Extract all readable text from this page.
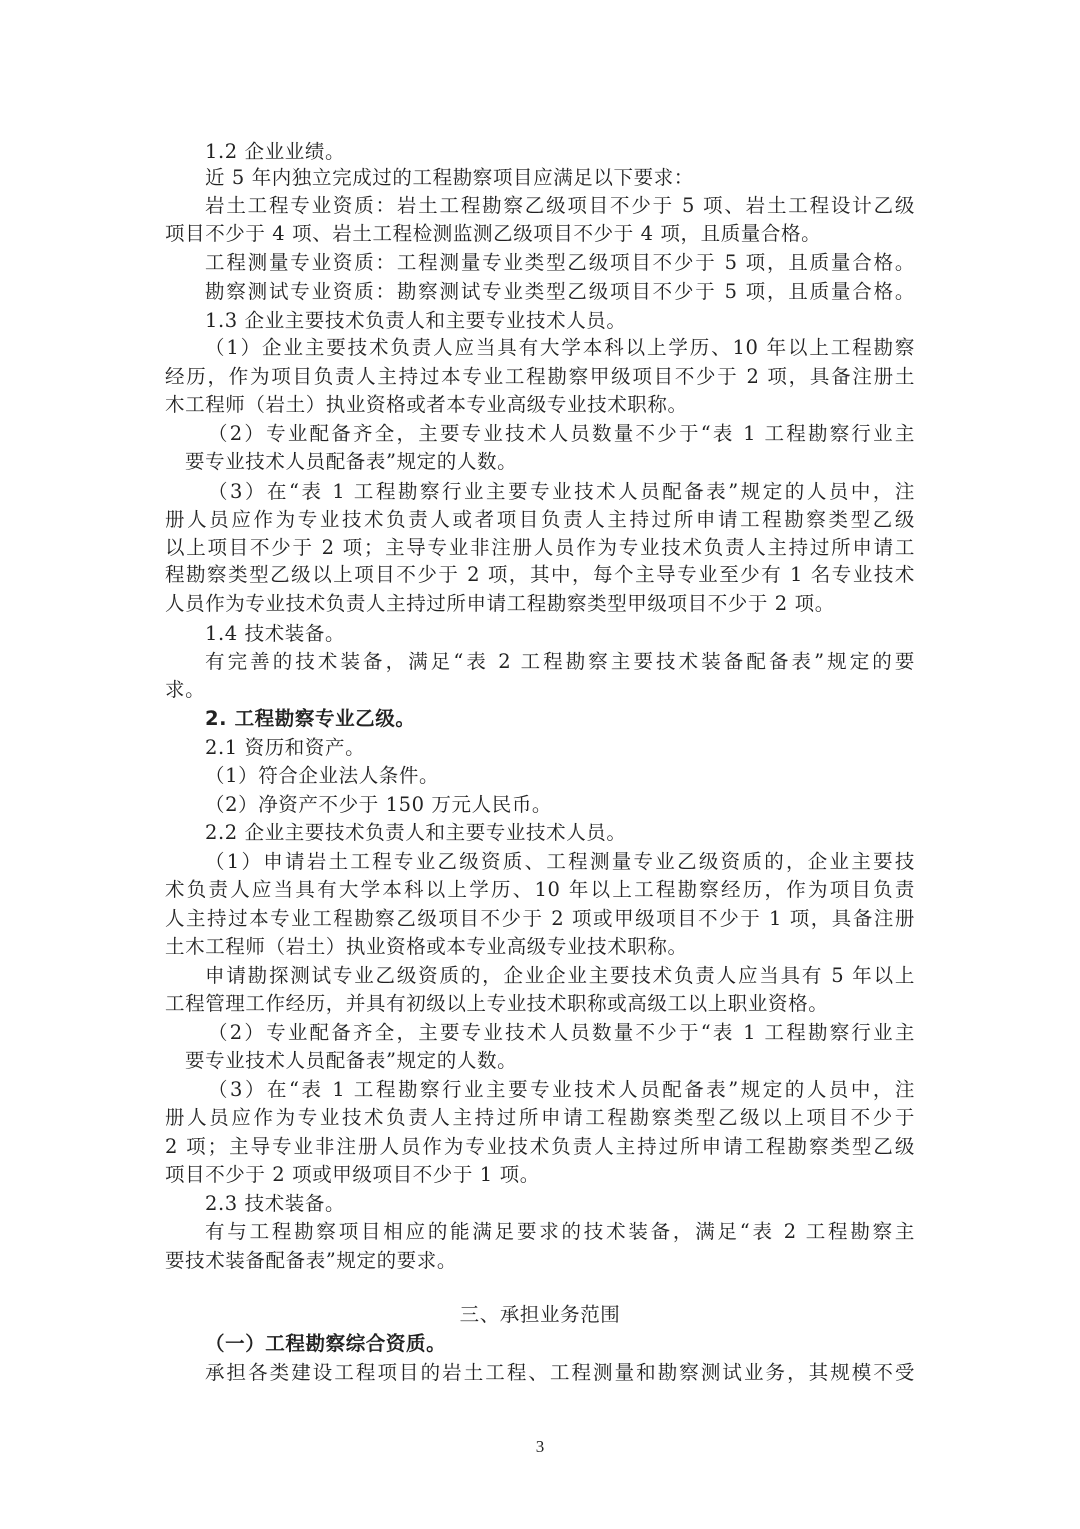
1.2 企业业绩。
近 5 年内独立完成过的工程勘察项目应满足以下要求：
岩土工程专业资质：岩土工程勘察乙级项目不少于 5 项、岩土工程设计乙级
项目不少于 4 项、岩土工程检测监测乙级项目不少于 4 项，且质量合格。
工程测量专业资质：工程测量专业类型乙级项目不少于 5 项，且质量合格。
勘察测试专业资质：勘察测试专业类型乙级项目不少于 5 项，且质量合格。
1.3 企业主要技术负责人和主要专业技术人员。
（1）企业主要技术负责人应当具有大学本科以上学历、10 年以上工程勘察
经历，作为项目负责人主持过本专业工程勘察甲级项目不少于 2 项，具备注册土
木工程师（岩土）执业资格或者本专业高级专业技术职称。
（2）专业配备齐全，主要专业技术人员数量不少于“表 1 工程勘察行业主
要专业技术人员配备表”规定的人数。
（3）在“表 1 工程勘察行业主要专业技术人员配备表”规定的人员中，注
册人员应作为专业技术负责人或者项目负责人主持过所申请工程勘察类型乙级
以上项目不少于 2 项；主导专业非注册人员作为专业技术负责人主持过所申请工
程勘察类型乙级以上项目不少于 2 项，其中，每个主导专业至少有 1 名专业技术
人员作为专业技术负责人主持过所申请工程勘察类型甲级项目不少于 2 项。
1.4 技术装备。
有完善的技术装备，满足“表 2 工程勘察主要技术装备配备表”规定的要
求。
2. 工程勘察专业乙级。
2.1 资历和资产。
（1）符合企业法人条件。
（2）净资产不少于 150 万元人民币。
2.2 企业主要技术负责人和主要专业技术人员。
（1）申请岩土工程专业乙级资质、工程测量专业乙级资质的，企业主要技
术负责人应当具有大学本科以上学历、10 年以上工程勘察经历，作为项目负责
人主持过本专业工程勘察乙级项目不少于 2 项或甲级项目不少于 1 项，具备注册
土木工程师（岩土）执业资格或本专业高级专业技术职称。
申请勘探测试专业乙级资质的，企业企业主要技术负责人应当具有 5 年以上
工程管理工作经历，并具有初级以上专业技术职称或高级工以上职业资格。
（2）专业配备齐全，主要专业技术人员数量不少于“表 1 工程勘察行业主
要专业技术人员配备表”规定的人数。
（3）在“表 1 工程勘察行业主要专业技术人员配备表”规定的人员中，注
册人员应作为专业技术负责人主持过所申请工程勘察类型乙级以上项目不少于
2 项；主导专业非注册人员作为专业技术负责人主持过所申请工程勘察类型乙级
项目不少于 2 项或甲级项目不少于 1 项。
2.3 技术装备。
有与工程勘察项目相应的能满足要求的技术装备，满足“表 2 工程勘察主
要技术装备配备表”规定的要求。
三、承担业务范围
（一）工程勘察综合资质。
承担各类建设工程项目的岩土工程、工程测量和勘察测试业务，其规模不受
3
